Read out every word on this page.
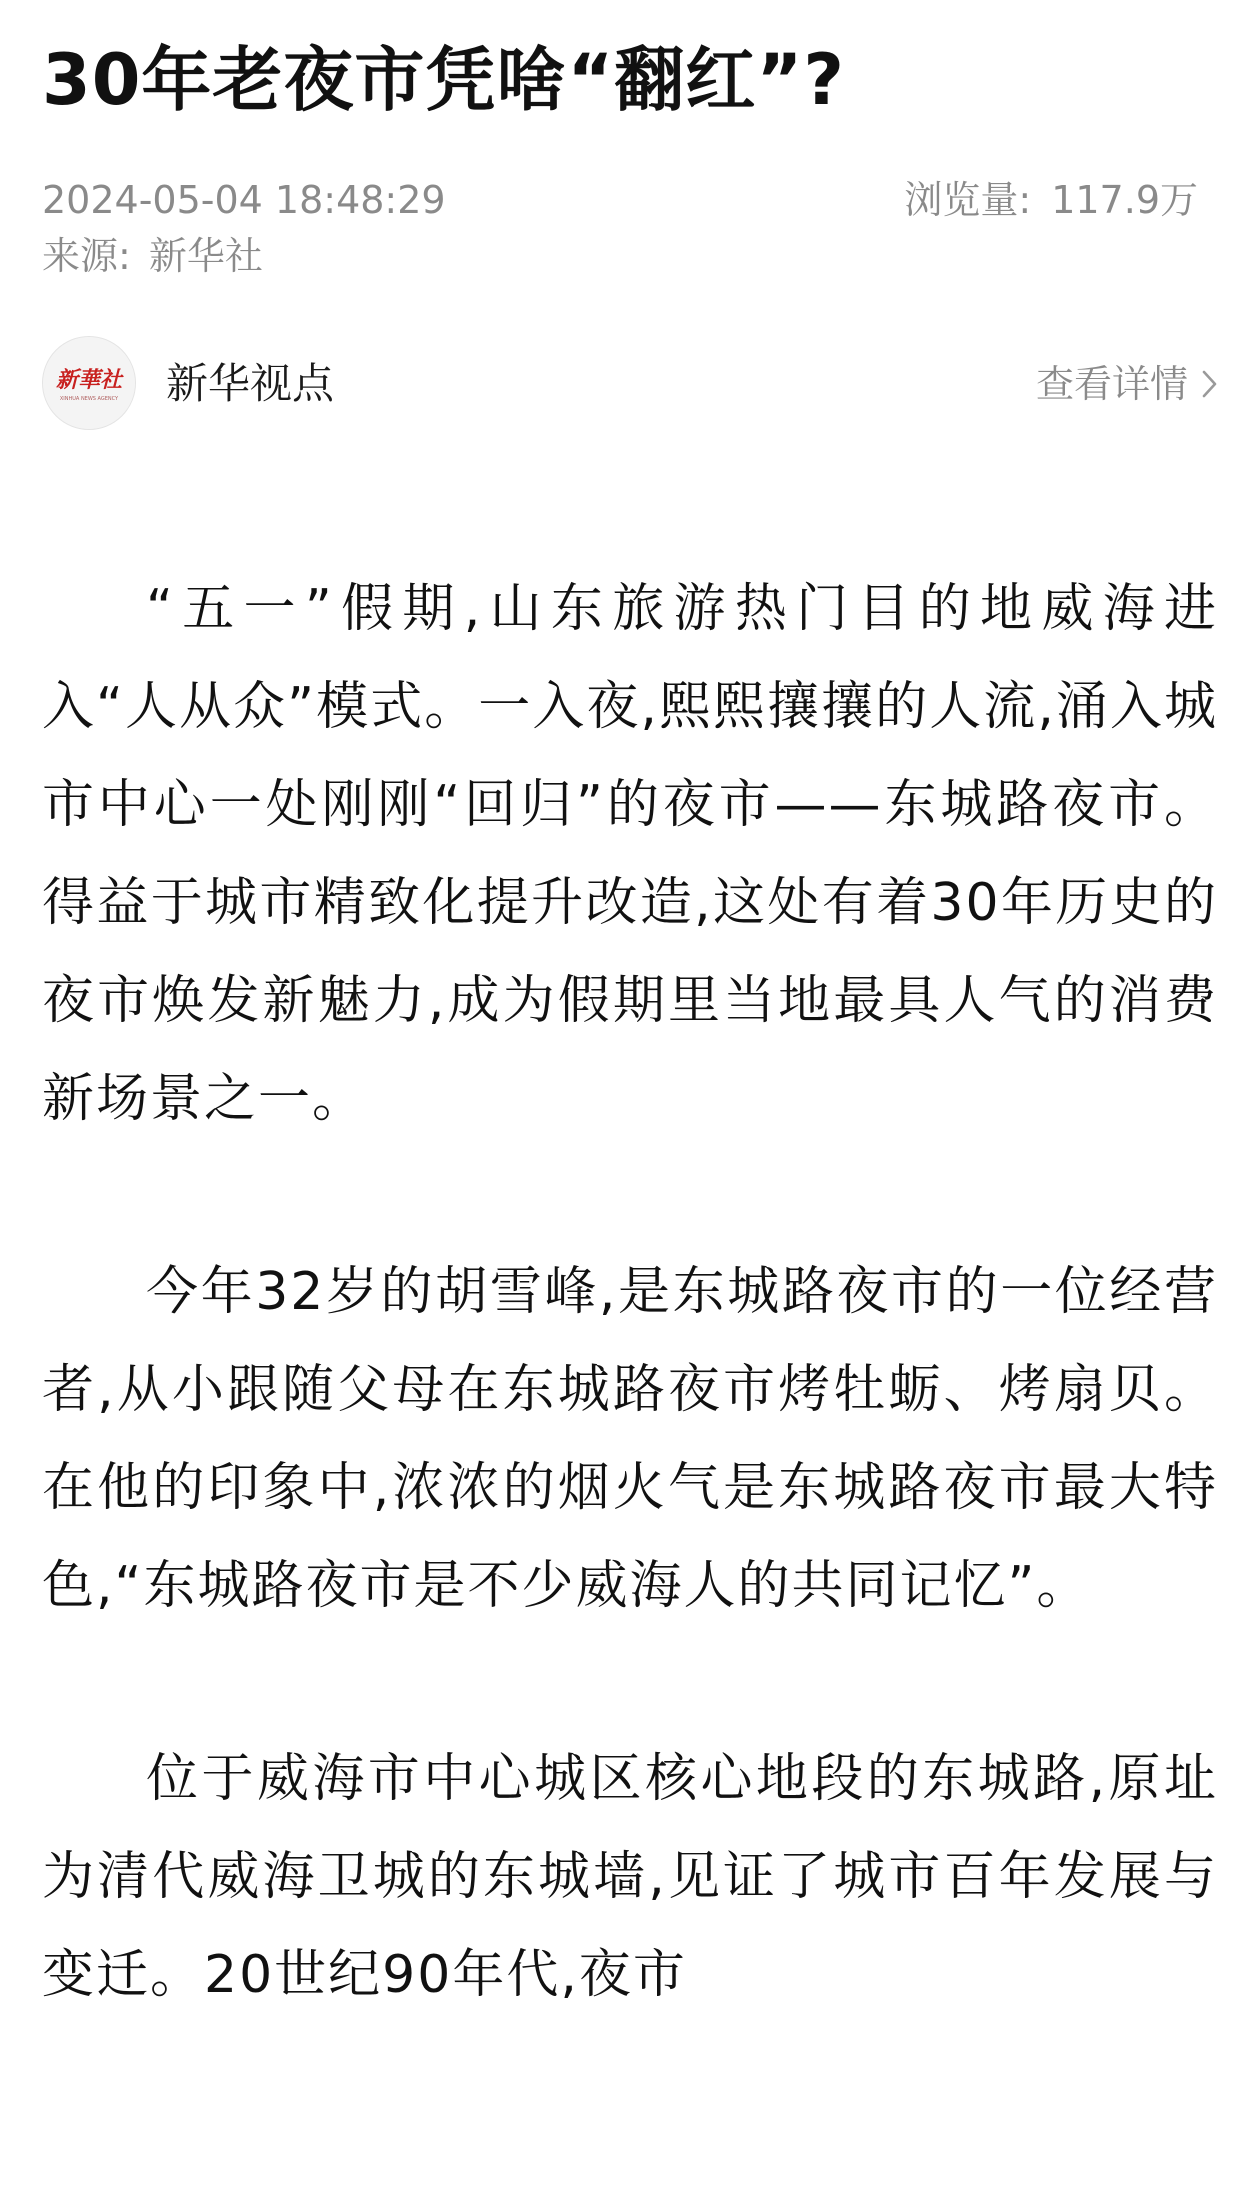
30年老夜市凭啥“翻红”?
2024-05-04 18:48:29	浏览量: 117.9万
来源: 新华社
新華社
XINHUA NEWS AGENCY 新华视点	查看详情

“五一”假期,山东旅游热门目的地威海进入“人从众”模式。一入夜,熙熙攘攘的人流,涌入城市中心一处刚刚“回归”的夜市——东城路夜市。得益于城市精致化提升改造,这处有着30年历史的夜市焕发新魅力,成为假期里当地最具人气的消费新场景之一。

今年32岁的胡雪峰,是东城路夜市的一位经营者,从小跟随父母在东城路夜市烤牡蛎、烤扇贝。在他的印象中,浓浓的烟火气是东城路夜市最大特色,“东城路夜市是不少威海人的共同记忆”。

位于威海市中心城区核心地段的东城路,原址为清代威海卫城的东城墙,见证了城市百年发展与变迁。20世纪90年代,夜市
